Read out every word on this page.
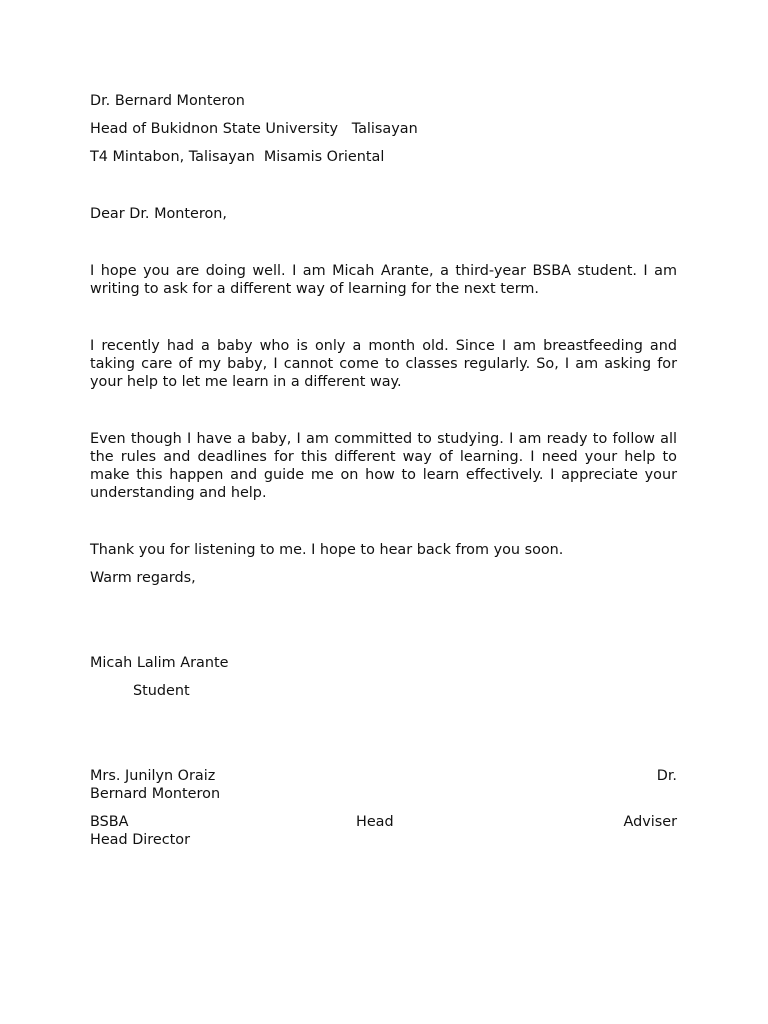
Dr. Bernard Monteron
Head of Bukidnon State University   Talisayan
T4 Mintabon, Talisayan  Misamis Oriental
Dear Dr. Monteron,
I hope you are doing well. I am Micah Arante, a third-year BSBA student. I am writing to ask for a different way of learning for the next term.
I recently had a baby who is only a month old. Since I am breastfeeding and taking care of my baby, I cannot come to classes regularly. So, I am asking for your help to let me learn in a different way.
Even though I have a baby, I am committed to studying. I am ready to follow all the rules and deadlines for this different way of learning. I need your help to make this happen and guide me on how to learn effectively. I appreciate your understanding and help.
Thank you for listening to me. I hope to hear back from you soon.
Warm regards,
Micah Lalim Arante
Student
Mrs. Junilyn Oraiz	Dr.
Bernard Monteron
BSBA	Head	Adviser
Head Director
